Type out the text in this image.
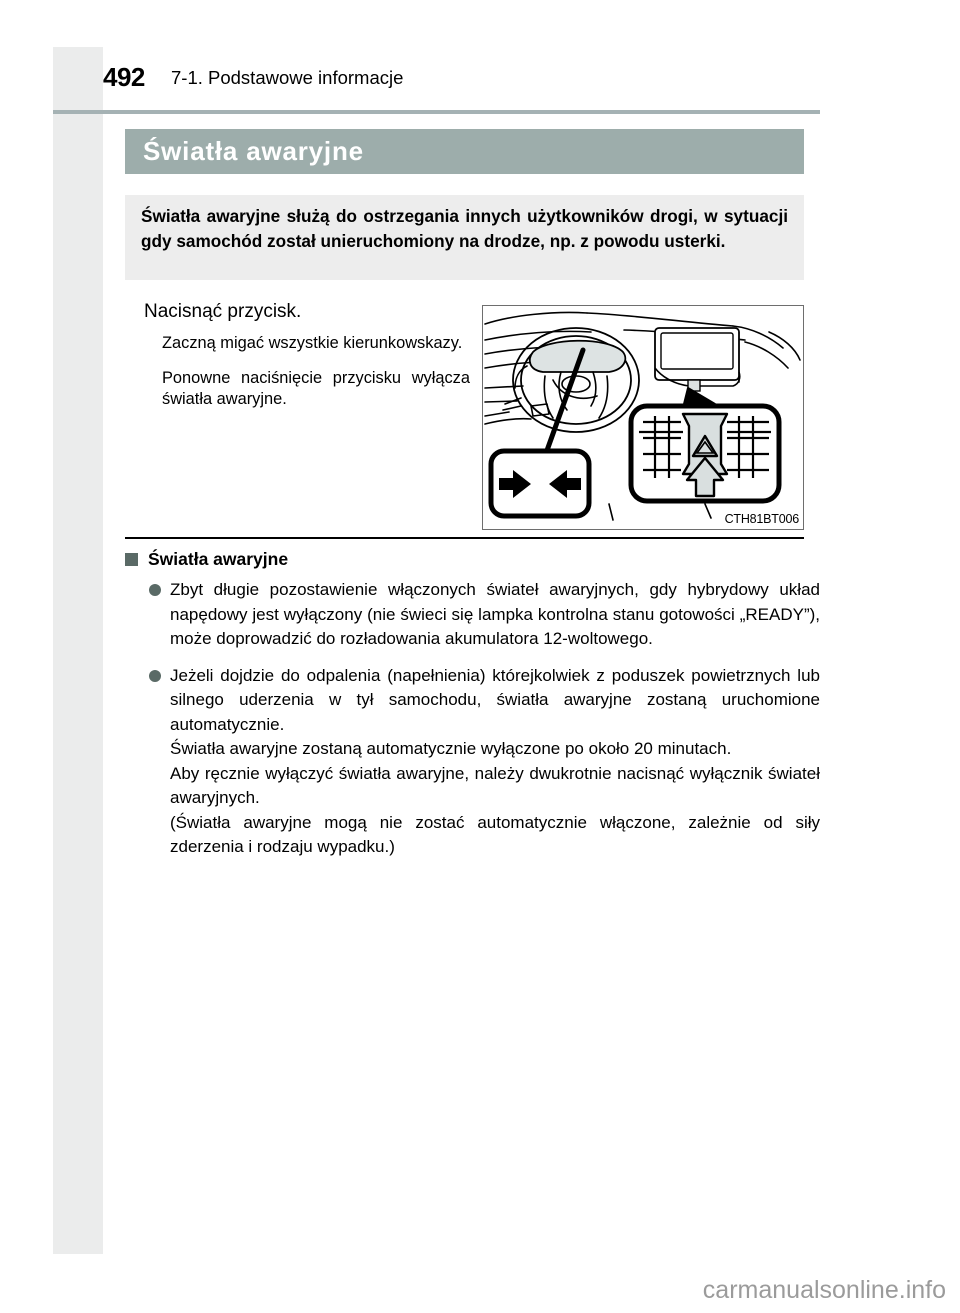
492	7-1. Podstawowe informacje
Światła awaryjne

Światła awaryjne służą do ostrzegania innych użytkowników drogi, w sytuacji gdy samochód został unieruchomiony na drodze, np. z powodu usterki.

Nacisnąć przycisk.

Zaczną migać wszystkie kierunkowskazy.

Ponowne naciśnięcie przycisku wyłącza światła awaryjne.

CTH81BT006
Światła awaryjne

Zbyt długie pozostawienie włączonych świateł awaryjnych, gdy hybrydowy układ napędowy jest wyłączony (nie świeci się lampka kontrolna stanu gotowości „READY”), może doprowadzić do rozładowania akumulatora 12-woltowego.

Jeżeli dojdzie do odpalenia (napełnienia) którejkolwiek z poduszek powietrznych lub silnego uderzenia w tył samochodu, światła awaryjne zostaną uruchomione automatycznie.

Światła awaryjne zostaną automatycznie wyłączone po około 20 minutach.

Aby ręcznie wyłączyć światła awaryjne, należy dwukrotnie nacisnąć wyłącznik świateł awaryjnych.

(Światła awaryjne mogą nie zostać automatycznie włączone, zależnie od siły zderzenia i rodzaju wypadku.)

carmanualsonline.info
